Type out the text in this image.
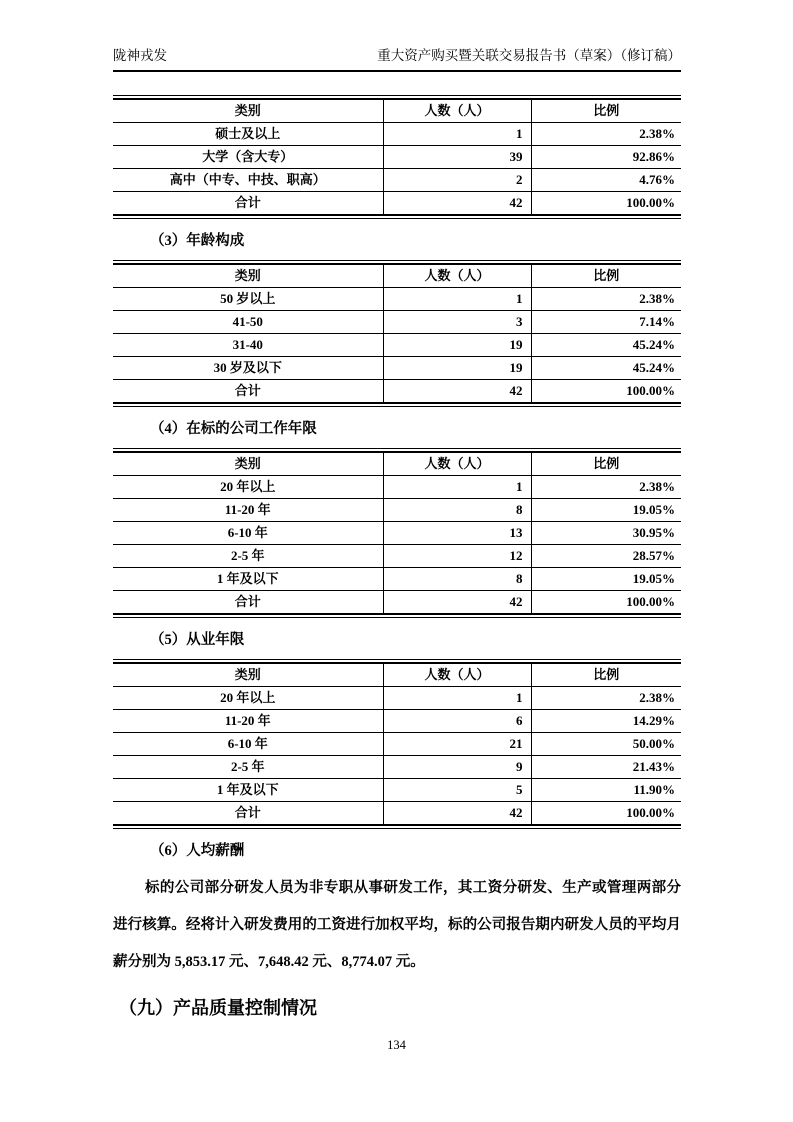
陇神戎发	重大资产购买暨关联交易报告书（草案）（修订稿）
类别	人数（人）	比例
硕士及以上	1	2.38%
大学（含大专）	39	92.86%
高中（中专、中技、职高）	2	4.76%
合计	42	100.00%
（3）年龄构成
类别	人数（人）	比例
50 岁以上	1	2.38%
41-50	3	7.14%
31-40	19	45.24%
30 岁及以下	19	45.24%
合计	42	100.00%
（4）在标的公司工作年限
类别	人数（人）	比例
20 年以上	1	2.38%
11-20 年	8	19.05%
6-10 年	13	30.95%
2-5 年	12	28.57%
1 年及以下	8	19.05%
合计	42	100.00%
（5）从业年限
类别	人数（人）	比例
20 年以上	1	2.38%
11-20 年	6	14.29%
6-10 年	21	50.00%
2-5 年	9	21.43%
1 年及以下	5	11.90%
合计	42	100.00%
（6）人均薪酬

标的公司部分研发人员为非专职从事研发工作，其工资分研发、生产或管理两部分进行核算。经将计入研发费用的工资进行加权平均，标的公司报告期内研发人员的平均月薪分别为 5,853.17 元、7,648.42 元、8,774.07 元。

（九）产品质量控制情况
134
